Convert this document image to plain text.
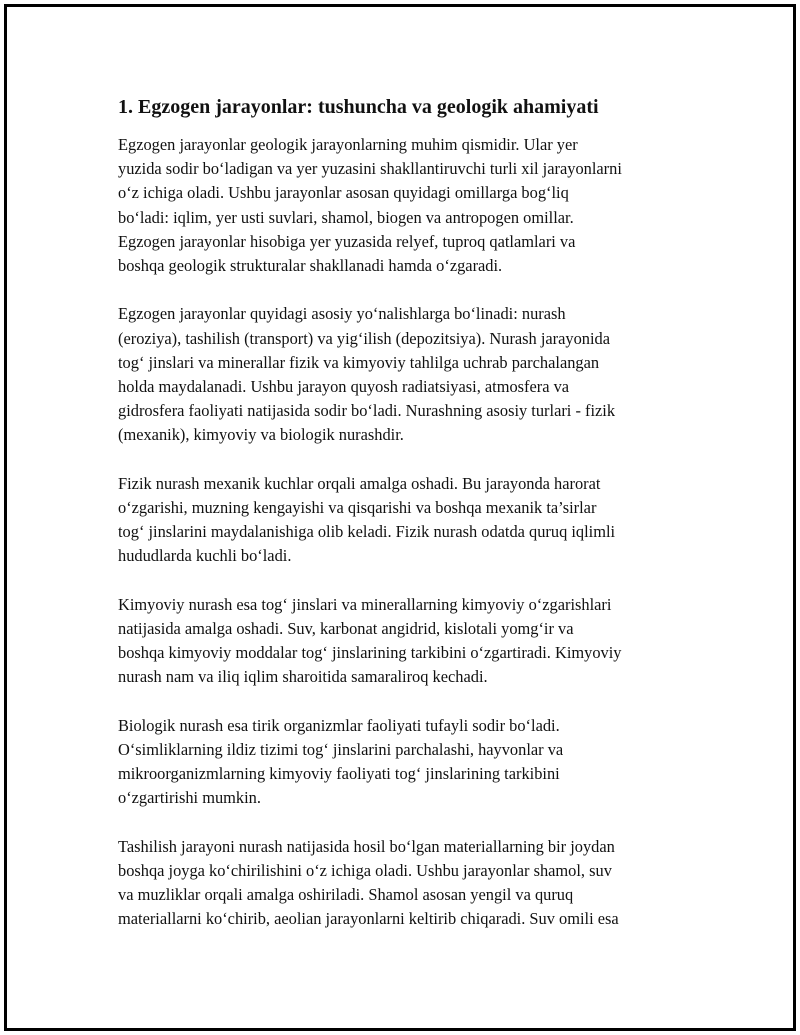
1. Egzogen jarayonlar: tushuncha va geologik ahamiyati

Egzogen jarayonlar geologik jarayonlarning muhim qismidir. Ular yer
yuzida sodir boʻladigan va yer yuzasini shakllantiruvchi turli xil jarayonlarni
oʻz ichiga oladi. Ushbu jarayonlar asosan quyidagi omillarga bogʻliq
boʻladi: iqlim, yer usti suvlari, shamol, biogen va antropogen omillar.
Egzogen jarayonlar hisobiga yer yuzasida relyef, tuproq qatlamlari va
boshqa geologik strukturalar shakllanadi hamda oʻzgaradi.

Egzogen jarayonlar quyidagi asosiy yoʻnalishlarga boʻlinadi: nurash
(eroziya), tashilish (transport) va yigʻilish (depozitsiya). Nurash jarayonida
togʻ jinslari va minerallar fizik va kimyoviy tahlilga uchrab parchalangan
holda maydalanadi. Ushbu jarayon quyosh radiatsiyasi, atmosfera va
gidrosfera faoliyati natijasida sodir boʻladi. Nurashning asosiy turlari - fizik
(mexanik), kimyoviy va biologik nurashdir.

Fizik nurash mexanik kuchlar orqali amalga oshadi. Bu jarayonda harorat
oʻzgarishi, muzning kengayishi va qisqarishi va boshqa mexanik ta’sirlar
togʻ jinslarini maydalanishiga olib keladi. Fizik nurash odatda quruq iqlimli
hududlarda kuchli boʻladi.

Kimyoviy nurash esa togʻ jinslari va minerallarning kimyoviy oʻzgarishlari
natijasida amalga oshadi. Suv, karbonat angidrid, kislotali yomgʻir va
boshqa kimyoviy moddalar togʻ jinslarining tarkibini oʻzgartiradi. Kimyoviy
nurash nam va iliq iqlim sharoitida samaraliroq kechadi.

Biologik nurash esa tirik organizmlar faoliyati tufayli sodir boʻladi.
Oʻsimliklarning ildiz tizimi togʻ jinslarini parchalashi, hayvonlar va
mikroorganizmlarning kimyoviy faoliyati togʻ jinslarining tarkibini
oʻzgartirishi mumkin.

Tashilish jarayoni nurash natijasida hosil boʻlgan materiallarning bir joydan
boshqa joyga koʻchirilishini oʻz ichiga oladi. Ushbu jarayonlar shamol, suv
va muzliklar orqali amalga oshiriladi. Shamol asosan yengil va quruq
materiallarni koʻchirib, aeolian jarayonlarni keltirib chiqaradi. Suv omili esa
